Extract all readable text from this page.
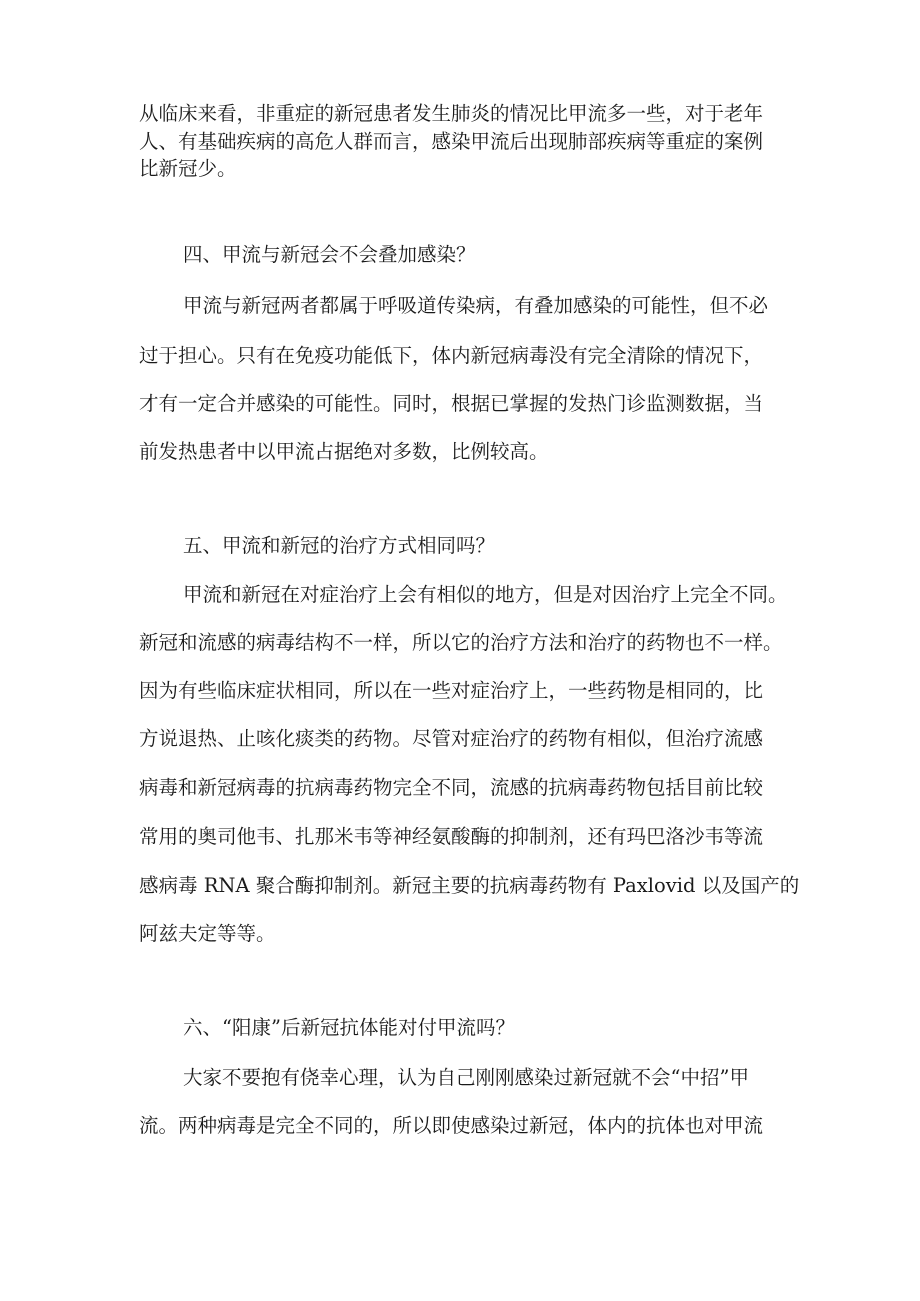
从临床来看，非重症的新冠患者发生肺炎的情况比甲流多一些，对于老年
人、有基础疾病的高危人群而言，感染甲流后出现肺部疾病等重症的案例
比新冠少。
四、甲流与新冠会不会叠加感染？
甲流与新冠两者都属于呼吸道传染病，有叠加感染的可能性，但不必
过于担心。只有在免疫功能低下，体内新冠病毒没有完全清除的情况下，
才有一定合并感染的可能性。同时，根据已掌握的发热门诊监测数据，当
前发热患者中以甲流占据绝对多数，比例较高。
五、甲流和新冠的治疗方式相同吗？
甲流和新冠在对症治疗上会有相似的地方，但是对因治疗上完全不同。
新冠和流感的病毒结构不一样，所以它的治疗方法和治疗的药物也不一样。
因为有些临床症状相同，所以在一些对症治疗上，一些药物是相同的，比
方说退热、止咳化痰类的药物。尽管对症治疗的药物有相似，但治疗流感
病毒和新冠病毒的抗病毒药物完全不同，流感的抗病毒药物包括目前比较
常用的奥司他韦、扎那米韦等神经氨酸酶的抑制剂，还有玛巴洛沙韦等流
感病毒 RNA 聚合酶抑制剂。新冠主要的抗病毒药物有 Paxlovid 以及国产的
阿兹夫定等等。
六、“阳康”后新冠抗体能对付甲流吗？
大家不要抱有侥幸心理，认为自己刚刚感染过新冠就不会“中招”甲
流。两种病毒是完全不同的，所以即使感染过新冠，体内的抗体也对甲流
